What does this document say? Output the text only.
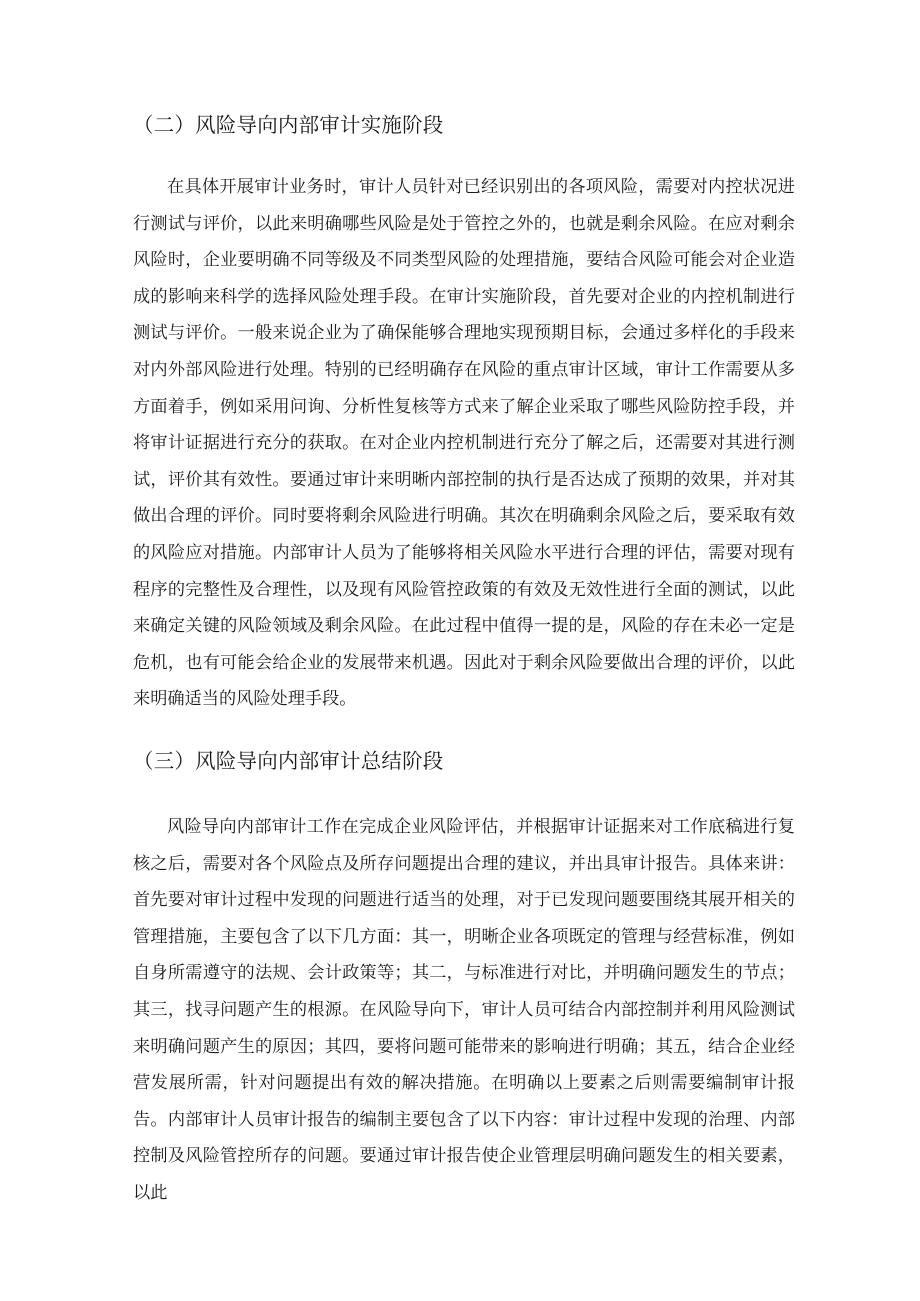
（二）风险导向内部审计实施阶段

在具体开展审计业务时，审计人员针对已经识别出的各项风险，需要对内控状况进行测试与评价，以此来明确哪些风险是处于管控之外的，也就是剩余风险。在应对剩余风险时，企业要明确不同等级及不同类型风险的处理措施，要结合风险可能会对企业造成的影响来科学的选择风险处理手段。在审计实施阶段，首先要对企业的内控机制进行测试与评价。一般来说企业为了确保能够合理地实现预期目标，会通过多样化的手段来对内外部风险进行处理。特别的已经明确存在风险的重点审计区域，审计工作需要从多方面着手，例如采用问询、分析性复核等方式来了解企业采取了哪些风险防控手段，并将审计证据进行充分的获取。在对企业内控机制进行充分了解之后，还需要对其进行测试，评价其有效性。要通过审计来明晰内部控制的执行是否达成了预期的效果，并对其做出合理的评价。同时要将剩余风险进行明确。其次在明确剩余风险之后，要采取有效的风险应对措施。内部审计人员为了能够将相关风险水平进行合理的评估，需要对现有程序的完整性及合理性，以及现有风险管控政策的有效及无效性进行全面的测试，以此来确定关键的风险领域及剩余风险。在此过程中值得一提的是，风险的存在未必一定是危机，也有可能会给企业的发展带来机遇。因此对于剩余风险要做出合理的评价，以此来明确适当的风险处理手段。

（三）风险导向内部审计总结阶段

风险导向内部审计工作在完成企业风险评估，并根据审计证据来对工作底稿进行复核之后，需要对各个风险点及所存问题提出合理的建议，并出具审计报告。具体来讲：首先要对审计过程中发现的问题进行适当的处理，对于已发现问题要围绕其展开相关的管理措施，主要包含了以下几方面：其一，明晰企业各项既定的管理与经营标准，例如自身所需遵守的法规、会计政策等；其二，与标准进行对比，并明确问题发生的节点；其三，找寻问题产生的根源。在风险导向下，审计人员可结合内部控制并利用风险测试来明确问题产生的原因；其四，要将问题可能带来的影响进行明确；其五，结合企业经营发展所需，针对问题提出有效的解决措施。在明确以上要素之后则需要编制审计报告。内部审计人员审计报告的编制主要包含了以下内容：审计过程中发现的治理、内部控制及风险管控所存的问题。要通过审计报告使企业管理层明确问题发生的相关要素，以此
